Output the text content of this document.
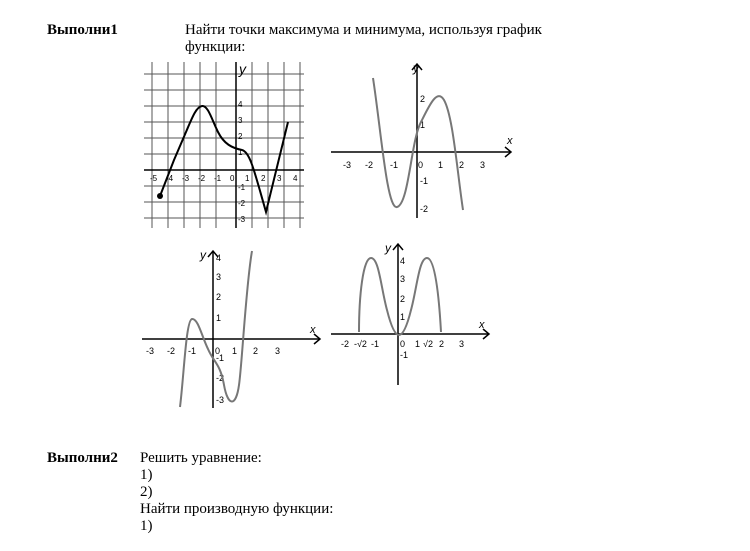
Выполни1	Найти точки максимума и минимума, используя график
функции:
y
-5 -4 -3 -2 -1 0 1 2 3 4
4
3
2
1
-1
-2
-3
y
x
-3 -2 -1 0 1 2 3
2
1
-1
-2
y
x
-3 -2 -1 0 1 2 3
4
3
2
1
-1
-2
-3
y
x
-2 -√2 -1 0 1 √2 2 3
4
3
2
1
-1
Выполни2 Решить уравнение:
1)
2)
Найти производную функции:
1)
